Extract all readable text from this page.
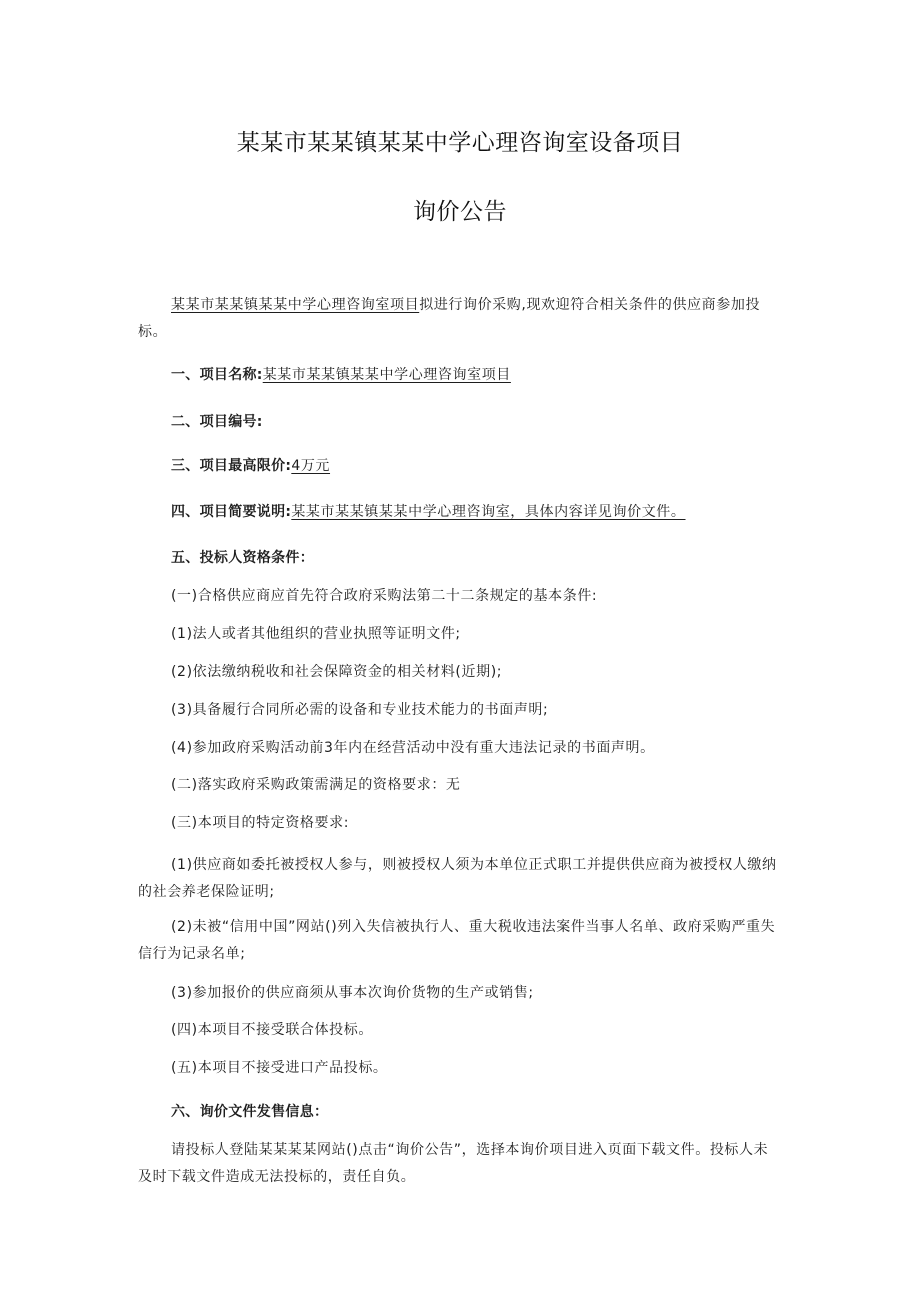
某某市某某镇某某中学心理咨询室设备项目
询价公告
某某市某某镇某某中学心理咨询室项目拟进行询价采购,现欢迎符合相关条件的供应商参加投标。
一、项目名称:某某市某某镇某某中学心理咨询室项目
二、项目编号:
三、项目最高限价:4万元
四、项目简要说明:某某市某某镇某某中学心理咨询室，具体内容详见询价文件。
五、投标人资格条件：
(一)合格供应商应首先符合政府采购法第二十二条规定的基本条件:
(1)法人或者其他组织的营业执照等证明文件;
(2)依法缴纳税收和社会保障资金的相关材料(近期);
(3)具备履行合同所必需的设备和专业技术能力的书面声明;
(4)参加政府采购活动前3年内在经营活动中没有重大违法记录的书面声明。
(二)落实政府采购政策需满足的资格要求：无
(三)本项目的特定资格要求:
(1)供应商如委托被授权人参与，则被授权人须为本单位正式职工并提供供应商为被授权人缴纳的社会养老保险证明;
(2)未被“信用中国”网站()列入失信被执行人、重大税收违法案件当事人名单、政府采购严重失信行为记录名单;
(3)参加报价的供应商须从事本次询价货物的生产或销售;
(四)本项目不接受联合体投标。
(五)本项目不接受进口产品投标。
六、询价文件发售信息：
请投标人登陆某某某某网站()点击“询价公告”，选择本询价项目进入页面下载文件。投标人未及时下载文件造成无法投标的，责任自负。
